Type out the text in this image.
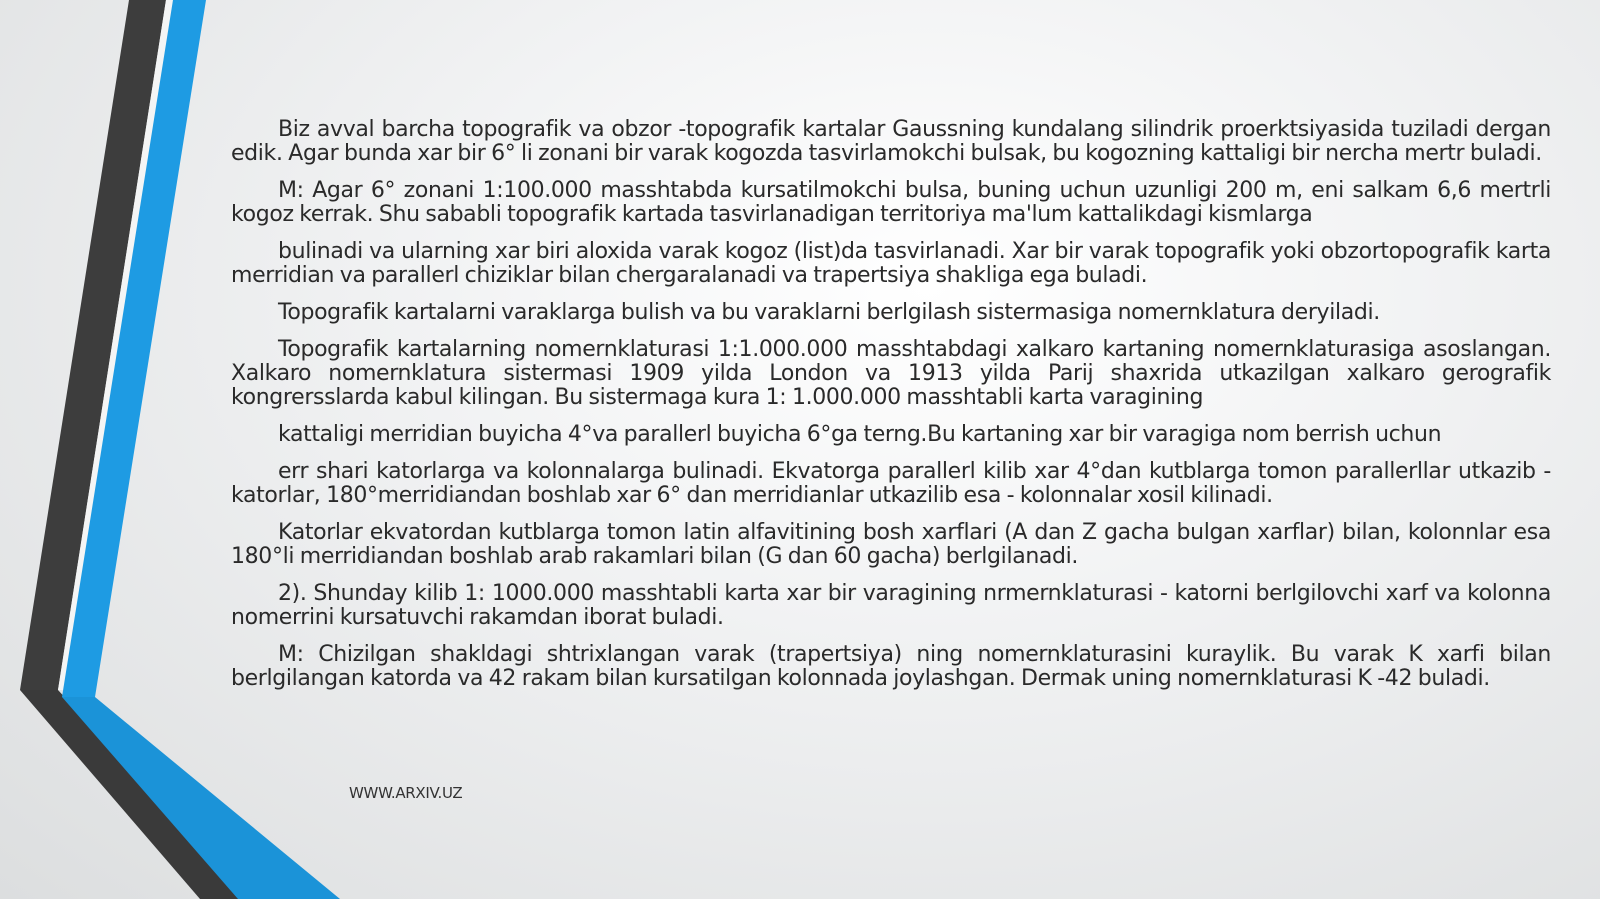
Biz avval barcha topografik va obzor -topografik kartalar Gaussning kundalang silindrik proerktsiyasida tuziladi dergan edik. Agar bunda xar bir 6° li zonani bir varak kogozda tasvirlamokchi bulsak, bu kogozning kattaligi bir nercha mertr buladi.

M: Agar 6° zonani 1:100.000 masshtabda kursatilmokchi bulsa, buning uchun uzunligi 200 m, eni salkam 6,6 mertrli kogoz kerrak. Shu sababli topografik kartada tasvirlanadigan territoriya ma'lum kattalikdagi kismlarga

bulinadi va ularning xar biri aloxida varak kogoz (list)da tasvirlanadi. Xar bir varak topografik yoki obzortopografik karta merridian va parallerl chiziklar bilan chergaralanadi va trapertsiya shakliga ega buladi.

Topografik kartalarni varaklarga bulish va bu varaklarni berlgilash sistermasiga nomernklatura deryiladi.

Topografik kartalarning nomernklaturasi 1:1.000.000 masshtabdagi xalkaro kartaning nomernklaturasiga asoslangan. Xalkaro nomernklatura sistermasi 1909 yilda London va 1913 yilda Parij shaxrida utkazilgan xalkaro gerografik kongrersslarda kabul kilingan. Bu sistermaga kura 1: 1.000.000 masshtabli karta varagining

kattaligi merridian buyicha 4°va parallerl buyicha 6°ga terng.Bu kartaning xar bir varagiga nom berrish uchun

err shari katorlarga va kolonnalarga bulinadi. Ekvatorga parallerl kilib xar 4°dan kutblarga tomon parallerllar utkazib -katorlar, 180°merridiandan boshlab xar 6° dan merridianlar utkazilib esa - kolonnalar xosil kilinadi.

Katorlar ekvatordan kutblarga tomon latin alfavitining bosh xarflari (A dan Z gacha bulgan xarflar) bilan, kolonnlar esa 180°li merridiandan boshlab arab rakamlari bilan (G dan 60 gacha) berlgilanadi.

2). Shunday kilib 1: 1000.000 masshtabli karta xar bir varagining nrmernklaturasi - katorni berlgilovchi xarf va kolonna nomerrini kursatuvchi rakamdan iborat buladi.

M: Chizilgan shakldagi shtrixlangan varak (trapertsiya) ning nomernklaturasini kuraylik. Bu varak K xarfi bilan berlgilangan katorda va 42 rakam bilan kursatilgan kolonnada joylashgan. Dermak uning nomernklaturasi K -42 buladi.

WWW.ARXIV.UZ
